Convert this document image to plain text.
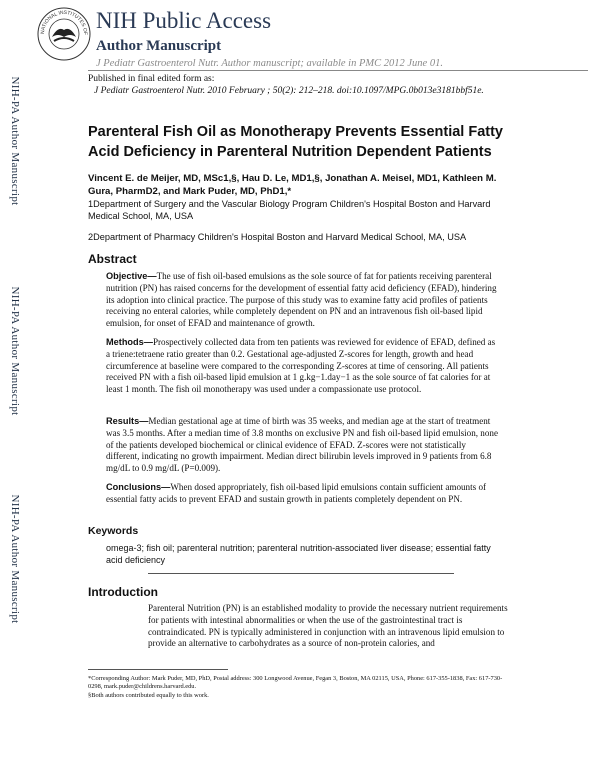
NATIONAL INSTITUTES OF
NIH Public Access
Author Manuscript
J Pediatr Gastroenterol Nutr. Author manuscript; available in PMC 2012 June 01.
NIH-PA Author Manuscript
NIH-PA Author Manuscript
NIH-PA Author Manuscript
Published in final edited form as:
J Pediatr Gastroenterol Nutr. 2010 February ; 50(2): 212–218. doi:10.1097/MPG.0b013e3181bbf51e.
Parenteral Fish Oil as Monotherapy Prevents Essential Fatty Acid Deficiency in Parenteral Nutrition Dependent Patients
Vincent E. de Meijer, MD, MSc1,§, Hau D. Le, MD1,§, Jonathan A. Meisel, MD1, Kathleen M.
Gura, PharmD2, and Mark Puder, MD, PhD1,*
1Department of Surgery and the Vascular Biology Program Children's Hospital Boston and Harvard Medical School, MA, USA
2Department of Pharmacy Children's Hospital Boston and Harvard Medical School, MA, USA
Abstract
Objective—The use of fish oil-based emulsions as the sole source of fat for patients receiving parenteral nutrition (PN) has raised concerns for the development of essential fatty acid deficiency (EFAD), hindering its adoption into clinical practice. The purpose of this study was to examine fatty acid profiles of patients receiving no enteral calories, while completely dependent on PN and an intravenous fish oil-based lipid emulsion, for onset of EFAD and maintenance of growth.
Methods—Prospectively collected data from ten patients was reviewed for evidence of EFAD, defined as a triene:tetraene ratio greater than 0.2. Gestational age-adjusted Z-scores for length, growth and head circumference at baseline were compared to the corresponding Z-scores at time of censoring. All patients received PN with a fish oil-based lipid emulsion at 1 g.kg−1.day−1 as the sole source of fat calories for at least 1 month. The fish oil monotherapy was used under a compassionate use protocol.
Results—Median gestational age at time of birth was 35 weeks, and median age at the start of treatment was 3.5 months. After a median time of 3.8 months on exclusive PN and fish oil-based lipid emulsion, none of the patients developed biochemical or clinical evidence of EFAD. Z-scores were not statistically different, indicating no growth impairment. Median direct bilirubin levels improved in 9 patients from 6.8 mg/dL to 0.9 mg/dL (P=0.009).
Conclusions—When dosed appropriately, fish oil-based lipid emulsions contain sufficient amounts of essential fatty acids to prevent EFAD and sustain growth in patients completely dependent on PN.
Keywords
omega-3; fish oil; parenteral nutrition; parenteral nutrition-associated liver disease; essential fatty acid deficiency
Introduction
Parenteral Nutrition (PN) is an established modality to provide the necessary nutrient requirements for patients with intestinal abnormalities or when the use of the gastrointestinal tract is contraindicated. PN is typically administered in conjunction with an intravenous lipid emulsion to provide an alternative to carbohydrates as a source of non-protein calories, and
*Corresponding Author: Mark Puder, MD, PhD, Postal address: 300 Longwood Avenue, Fegan 3, Boston, MA 02115, USA, Phone: 617-355-1838, Fax: 617-730-0298, mark.puder@childrens.harvard.edu.
§Both authors contributed equally to this work.
